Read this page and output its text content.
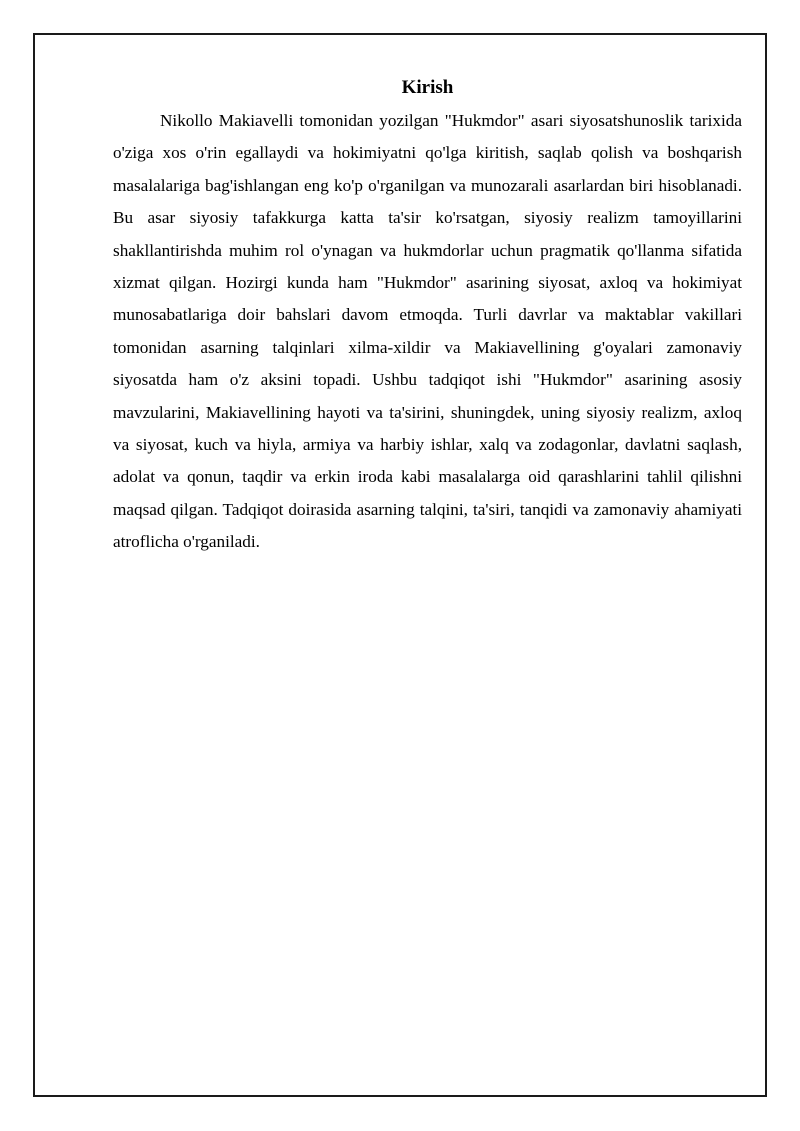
Kirish

Nikollo Makiavelli tomonidan yozilgan "Hukmdor" asari siyosatshunoslik tarixida o'ziga xos o'rin egallaydi va hokimiyatni qo'lga kiritish, saqlab qolish va boshqarish masalalariga bag'ishlangan eng ko'p o'rganilgan va munozarali asarlardan biri hisoblanadi. Bu asar siyosiy tafakkurga katta ta'sir ko'rsatgan, siyosiy realizm tamoyillarini shakllantirishda muhim rol o'ynagan va hukmdorlar uchun pragmatik qo'llanma sifatida xizmat qilgan. Hozirgi kunda ham "Hukmdor" asarining siyosat, axloq va hokimiyat munosabatlariga doir bahslari davom etmoqda. Turli davrlar va maktablar vakillari tomonidan asarning talqinlari xilma-xildir va Makiavellining g'oyalari zamonaviy siyosatda ham o'z aksini topadi. Ushbu tadqiqot ishi "Hukmdor" asarining asosiy mavzularini, Makiavellining hayoti va ta'sirini, shuningdek, uning siyosiy realizm, axloq va siyosat, kuch va hiyla, armiya va harbiy ishlar, xalq va zodagonlar, davlatni saqlash, adolat va qonun, taqdir va erkin iroda kabi masalalarga oid qarashlarini tahlil qilishni maqsad qilgan. Tadqiqot doirasida asarning talqini, ta'siri, tanqidi va zamonaviy ahamiyati atroflicha o'rganiladi.
